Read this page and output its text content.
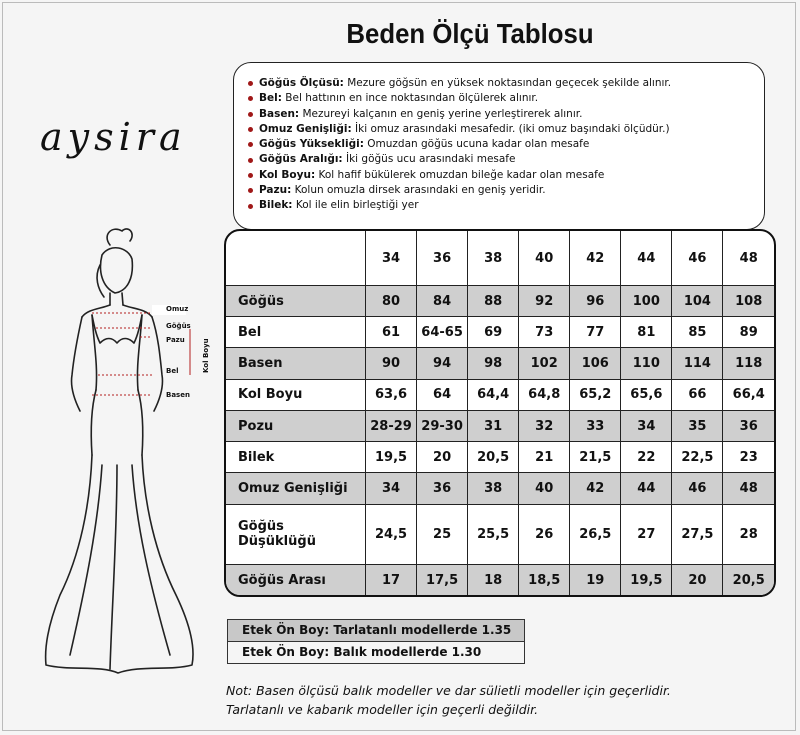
Beden Ölçü Tablosu
aysira
Göğüs Ölçüsü: Mezure göğsün en yüksek noktasından geçecek şekilde alınır.
Bel: Bel hattının en ince noktasından ölçülerek alınır.
Basen: Mezureyi kalçanın en geniş yerine yerleştirerek alınır.
Omuz Genişliği: İki omuz arasındaki mesafedir. (iki omuz başındaki ölçüdür.)
Göğüs Yüksekliği: Omuzdan göğüs ucuna kadar olan mesafe
Göğüs Aralığı: İki göğüs ucu arasındaki mesafe
Kol Boyu: Kol hafif bükülerek omuzdan bileğe kadar olan mesafe
Pazu: Kolun omuzla dirsek arasındaki en geniş yeridir.
Bilek: Kol ile elin birleştiği yer
Omuz
Göğüs
Pazu
Bel
Basen
Kol Boyu
	34	36	38	40	42	44	46	48
Göğüs	80	84	88	92	96	100	104	108
Bel	61	64-65	69	73	77	81	85	89
Basen	90	94	98	102	106	110	114	118
Kol Boyu	63,6	64	64,4	64,8	65,2	65,6	66	66,4
Pozu	28-29	29-30	31	32	33	34	35	36
Bilek	19,5	20	20,5	21	21,5	22	22,5	23
Omuz Genişliği	34	36	38	40	42	44	46	48
Göğüs Düşüklüğü	24,5	25	25,5	26	26,5	27	27,5	28
Göğüs Arası	17	17,5	18	18,5	19	19,5	20	20,5
Etek Ön Boy: Tarlatanlı modellerde 1.35
Etek Ön Boy: Balık modellerde 1.30
Not: Basen ölçüsü balık modeller ve dar sülietli modeller için geçerlidir.
Tarlatanlı ve kabarık modeller için geçerli değildir.
